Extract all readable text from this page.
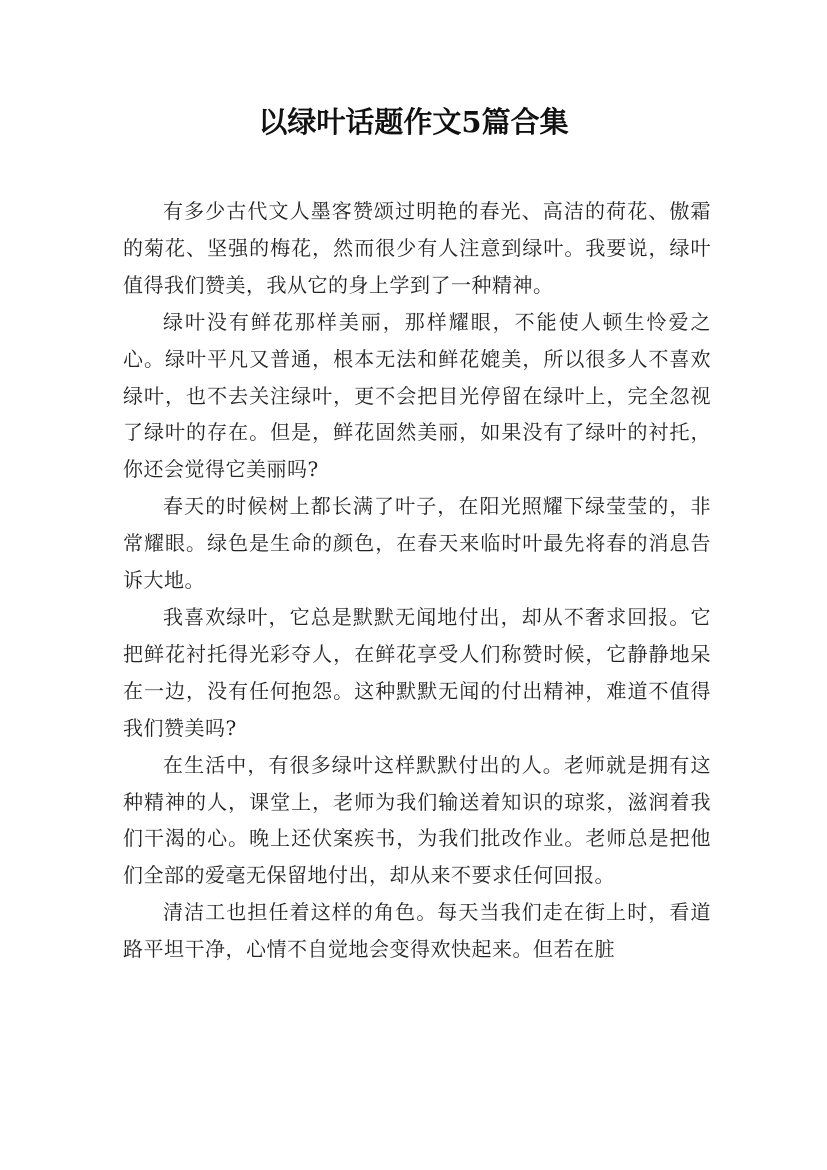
以绿叶话题作文5篇合集

有多少古代文人墨客赞颂过明艳的春光、高洁的荷花、傲霜的菊花、坚强的梅花，然而很少有人注意到绿叶。我要说，绿叶值得我们赞美，我从它的身上学到了一种精神。

绿叶没有鲜花那样美丽，那样耀眼，不能使人顿生怜爱之心。绿叶平凡又普通，根本无法和鲜花媲美，所以很多人不喜欢绿叶，也不去关注绿叶，更不会把目光停留在绿叶上，完全忽视了绿叶的存在。但是，鲜花固然美丽，如果没有了绿叶的衬托，你还会觉得它美丽吗?

春天的时候树上都长满了叶子，在阳光照耀下绿莹莹的，非常耀眼。绿色是生命的颜色，在春天来临时叶最先将春的消息告诉大地。

我喜欢绿叶，它总是默默无闻地付出，却从不奢求回报。它把鲜花衬托得光彩夺人，在鲜花享受人们称赞时候，它静静地呆在一边，没有任何抱怨。这种默默无闻的付出精神，难道不值得我们赞美吗?

在生活中，有很多绿叶这样默默付出的人。老师就是拥有这种精神的人，课堂上，老师为我们输送着知识的琼浆，滋润着我们干渴的心。晚上还伏案疾书，为我们批改作业。老师总是把他们全部的爱毫无保留地付出，却从来不要求任何回报。

清洁工也担任着这样的角色。每天当我们走在街上时，看道路平坦干净，心情不自觉地会变得欢快起来。但若在脏
